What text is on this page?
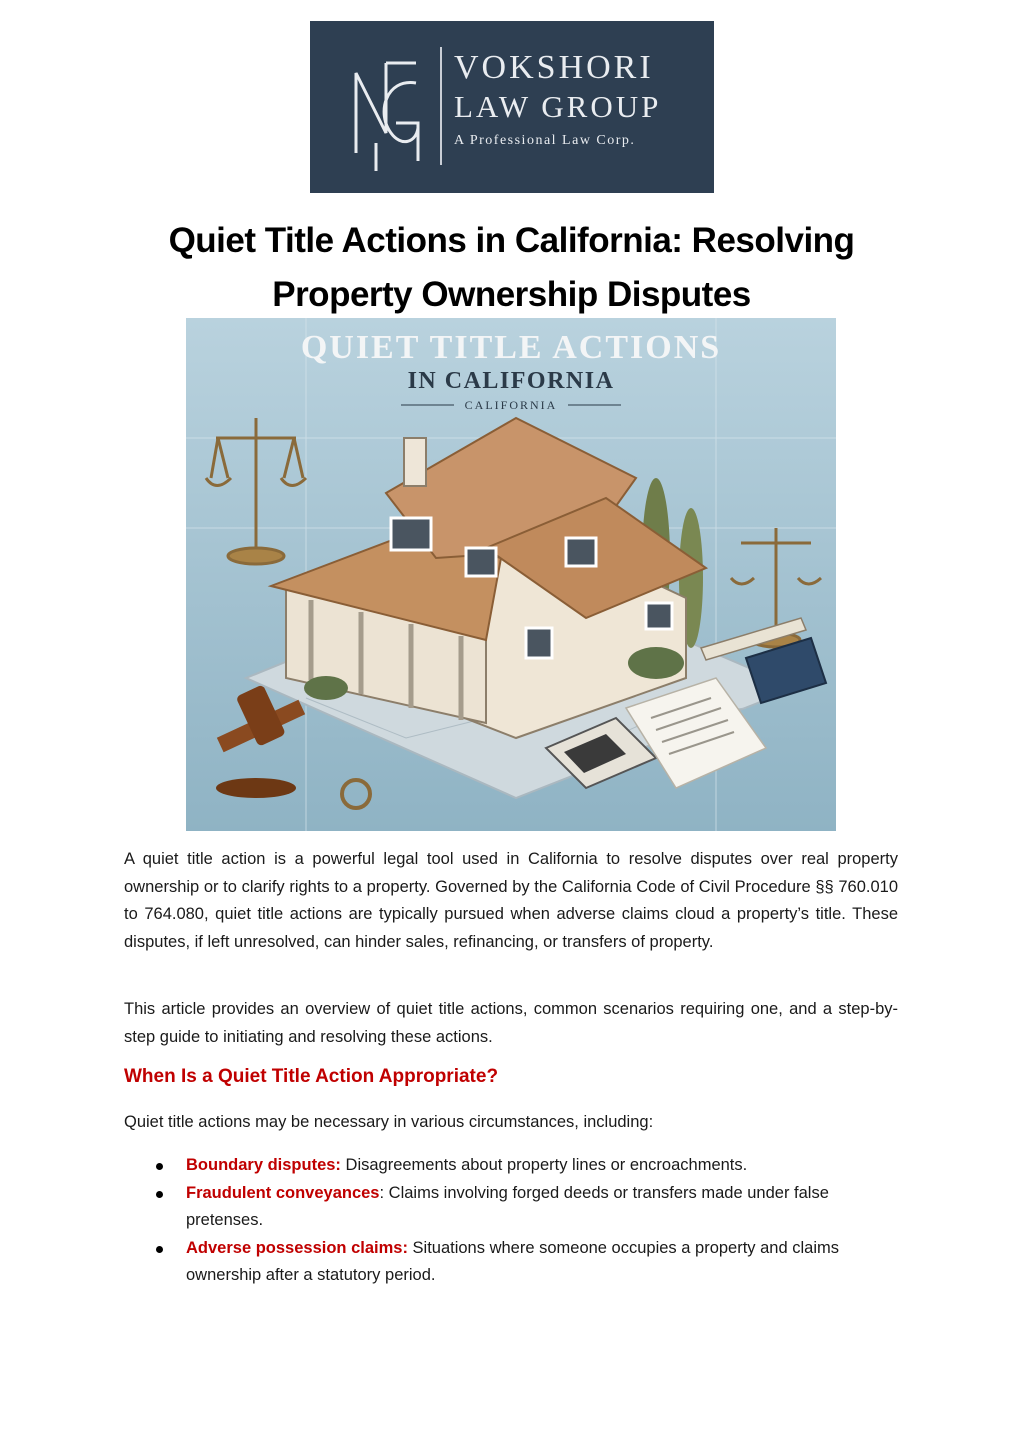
VOKSHORI
LAW GROUP
A Professional Law Corp.
Quiet Title Actions in California: Resolving Property Ownership Disputes
QUIET TITLE ACTIONS
IN CALIFORNIA
CALIFORNIA

A quiet title action is a powerful legal tool used in California to resolve disputes over real property ownership or to clarify rights to a property. Governed by the California Code of Civil Procedure §§ 760.010 to 764.080, quiet title actions are typically pursued when adverse claims cloud a property’s title. These disputes, if left unresolved, can hinder sales, refinancing, or transfers of property.

This article provides an overview of quiet title actions, common scenarios requiring one, and a step-by-step guide to initiating and resolving these actions.

When Is a Quiet Title Action Appropriate?

Quiet title actions may be necessary in various circumstances, including:

Boundary disputes: Disagreements about property lines or encroachments.
Fraudulent conveyances: Claims involving forged deeds or transfers made under false pretenses.
Adverse possession claims: Situations where someone occupies a property and claims ownership after a statutory period.
